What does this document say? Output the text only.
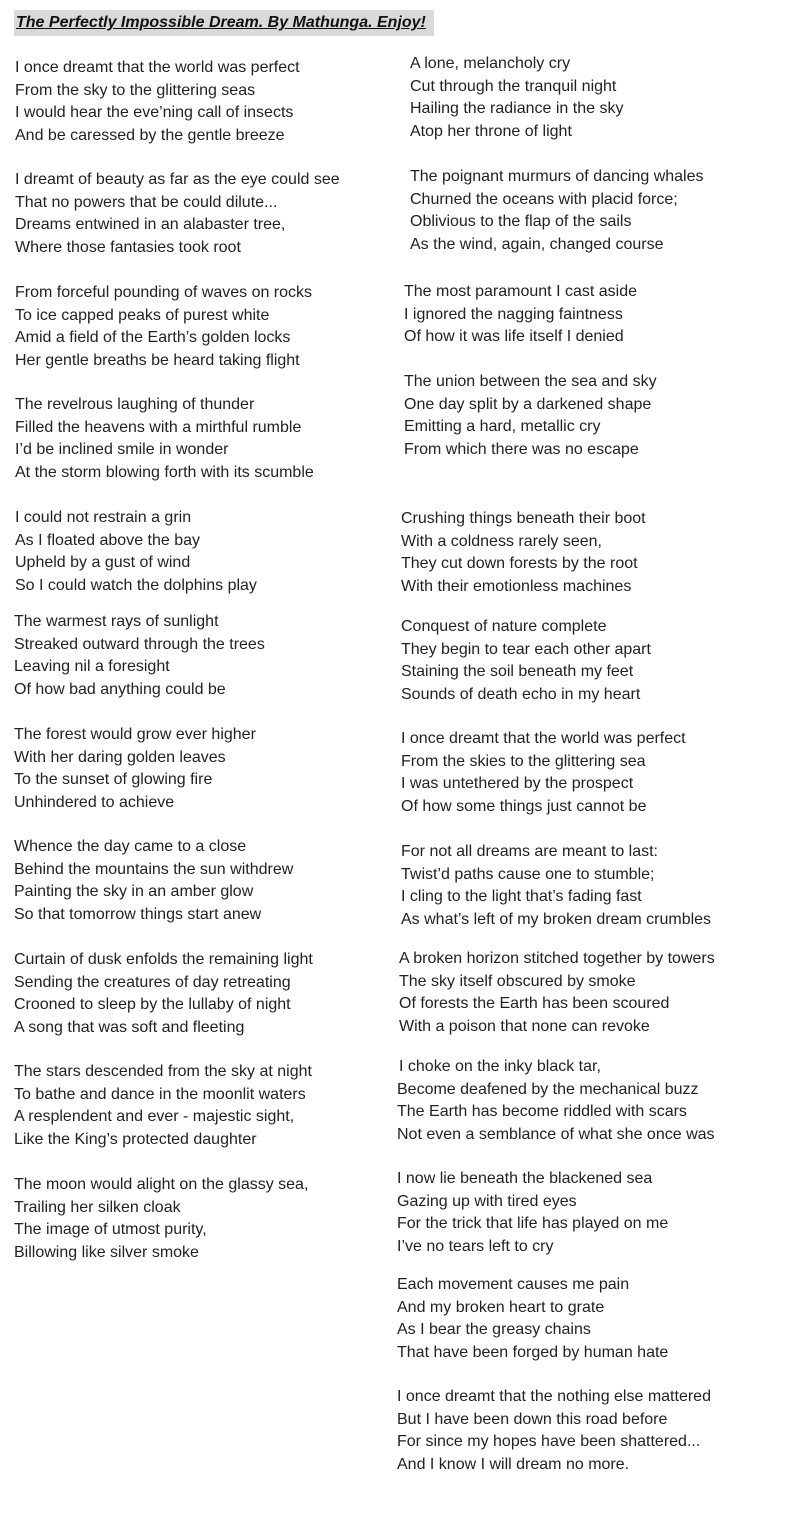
The Perfectly Impossible Dream. By Mathunga. Enjoy!
I once dreamt that the world was perfect
From the sky to the glittering seas
I would hear the eve’ning call of insects
And be caressed by the gentle breeze
I dreamt of beauty as far as the eye could see
That no powers that be could dilute...
Dreams entwined in an alabaster tree,
Where those fantasies took root
From forceful pounding of waves on rocks
To ice capped peaks of purest white
Amid a field of the Earth’s golden locks
Her gentle breaths be heard taking flight
The revelrous laughing of thunder
Filled the heavens with a mirthful rumble
I’d be inclined smile in wonder
At the storm blowing forth with its scumble
I could not restrain a grin
As I floated above the bay
Upheld by a gust of wind
So I could watch the dolphins play
The warmest rays of sunlight
Streaked outward through the trees
Leaving nil a foresight
Of how bad anything could be
The forest would grow ever higher
With her daring golden leaves
To the sunset of glowing fire
Unhindered to achieve
Whence the day came to a close
Behind the mountains the sun withdrew
Painting the sky in an amber glow
So that tomorrow things start anew
Curtain of dusk enfolds the remaining light
Sending the creatures of day retreating
Crooned to sleep by the lullaby of night
A song that was soft and fleeting
The stars descended from the sky at night
To bathe and dance in the moonlit waters
A resplendent and ever - majestic sight,
Like the King’s protected daughter
The moon would alight on the glassy sea,
Trailing her silken cloak
The image of utmost purity,
Billowing like silver smoke
A lone, melancholy cry
Cut through the tranquil night
Hailing the radiance in the sky
Atop her throne of light
The poignant murmurs of dancing whales
Churned the oceans with placid force;
Oblivious to the flap of the sails
As the wind, again, changed course
The most paramount I cast aside
I ignored the nagging faintness
Of how it was life itself I denied
The union between the sea and sky
One day split by a darkened shape
Emitting a hard, metallic cry
From which there was no escape
Crushing things beneath their boot
With a coldness rarely seen,
They cut down forests by the root
With their emotionless machines
Conquest of nature complete
They begin to tear each other apart
Staining the soil beneath my feet
Sounds of death echo in my heart
I once dreamt that the world was perfect
From the skies to the glittering sea
I was untethered by the prospect
Of how some things just cannot be
For not all dreams are meant to last:
Twist’d paths cause one to stumble;
I cling to the light that’s fading fast
As what’s left of my broken dream crumbles
A broken horizon stitched together by towers
The sky itself obscured by smoke
Of forests the Earth has been scoured
With a poison that none can revoke
I choke on the inky black tar,
Become deafened by the mechanical buzz
The Earth has become riddled with scars
Not even a semblance of what she once was
I now lie beneath the blackened sea
Gazing up with tired eyes
For the trick that life has played on me
I’ve no tears left to cry
Each movement causes me pain
And my broken heart to grate
As I bear the greasy chains
That have been forged by human hate
I once dreamt that the nothing else mattered
But I have been down this road before
For since my hopes have been shattered...
And I know I will dream no more.
